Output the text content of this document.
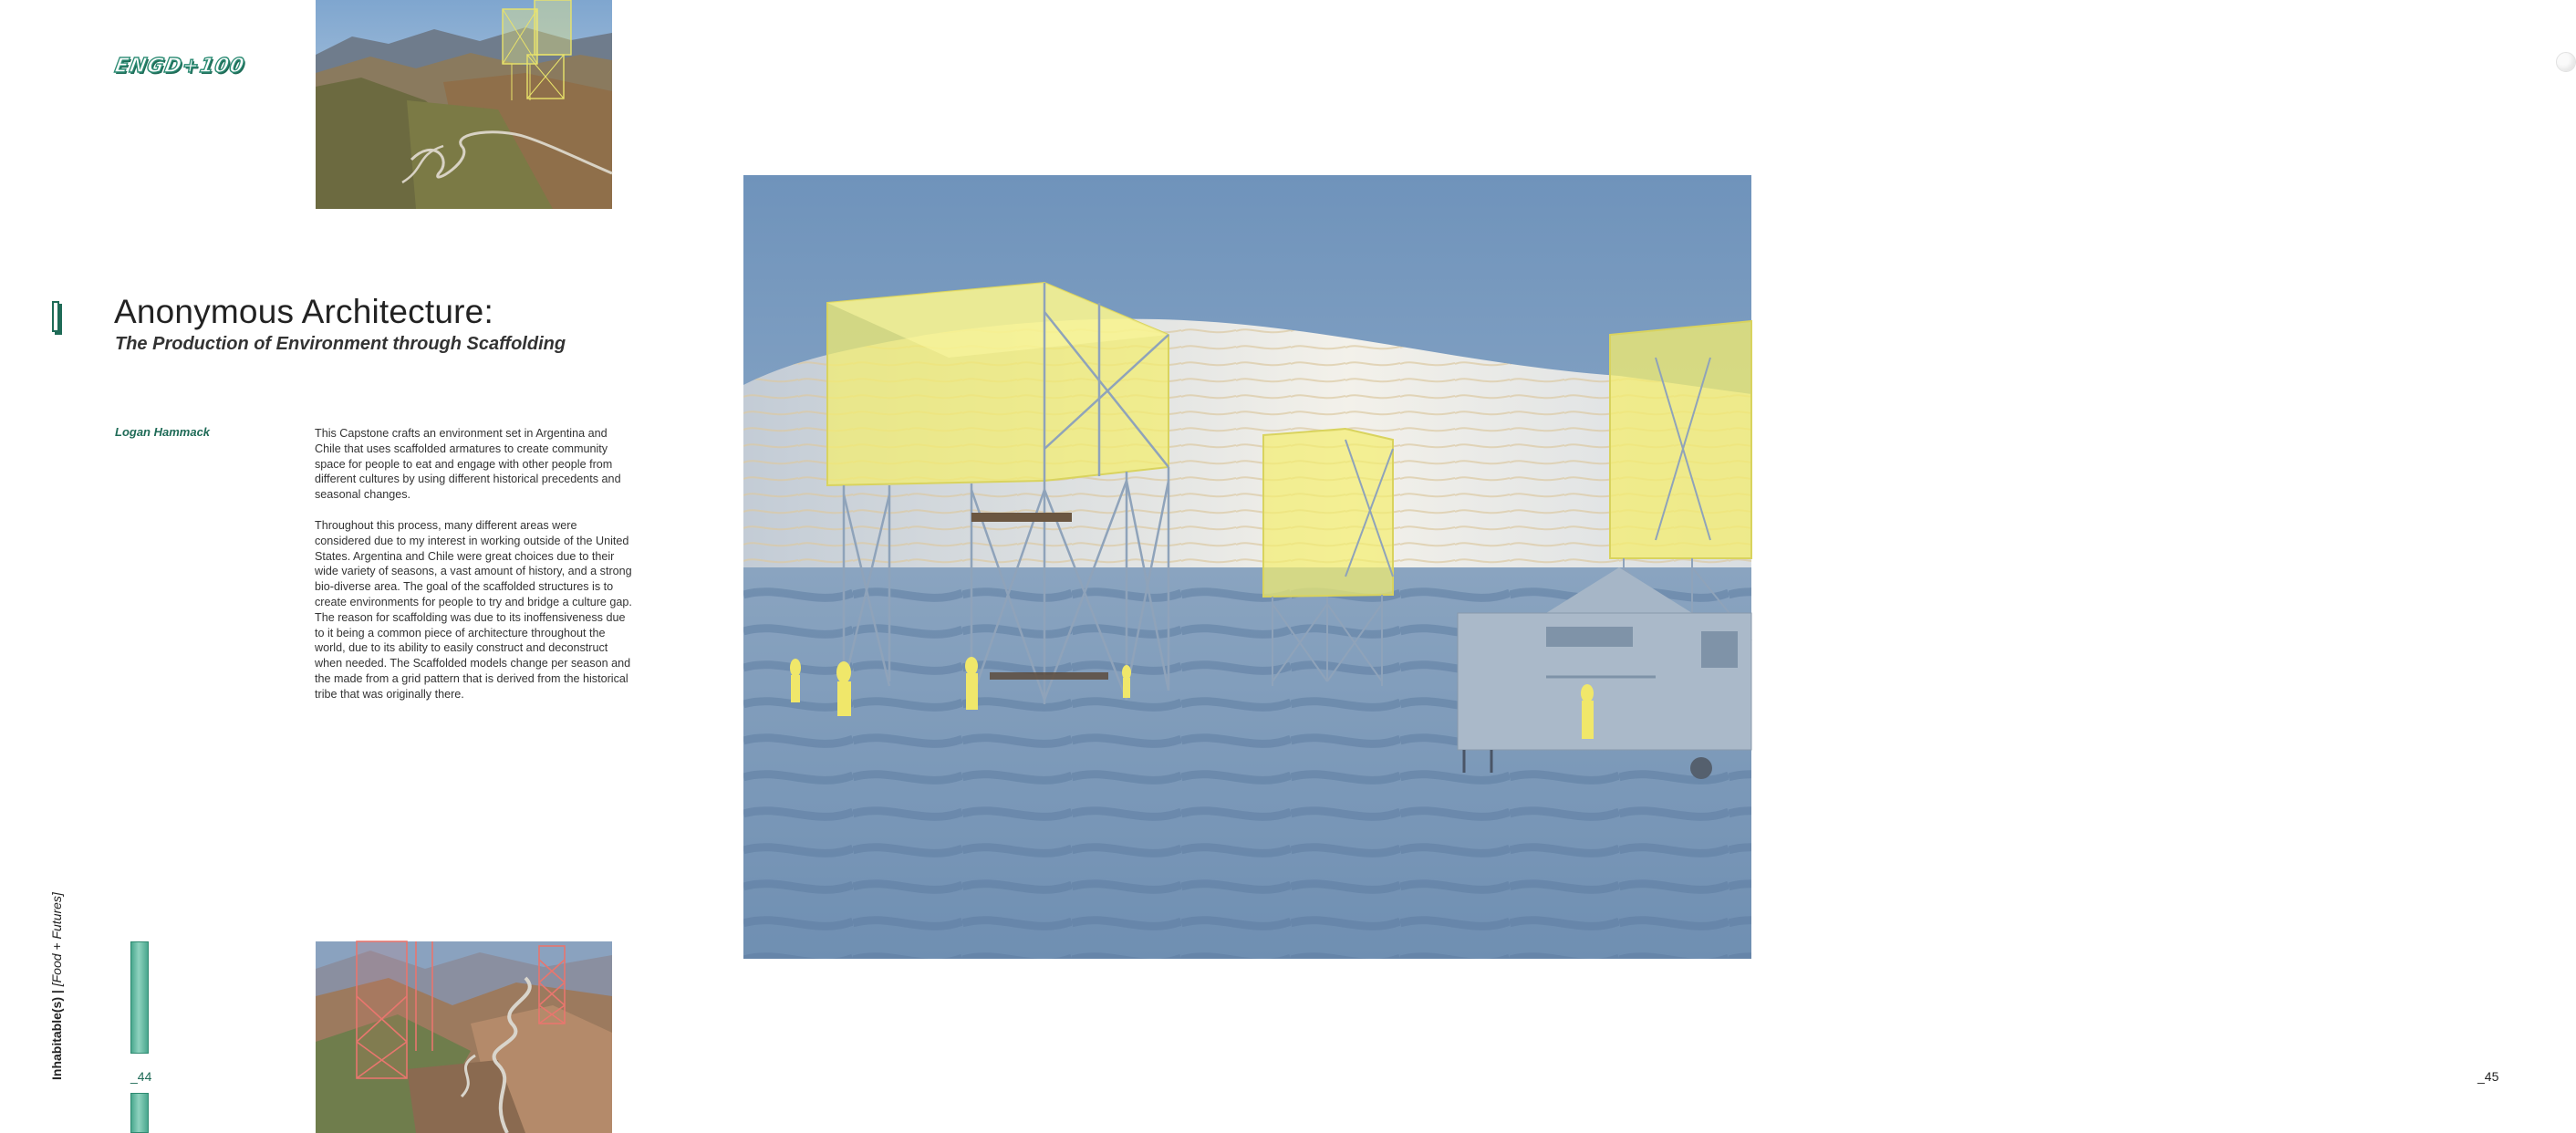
ENGD+100
Anonymous Architecture:
The Production of Environment through Scaffolding
Logan Hammack	This Capstone crafts an environment set in Argentina and Chile that uses scaffolded armatures to create community space for people to eat and engage with other people from different cultures by using different historical precedents and seasonal changes.

Throughout this process, many different areas were considered due to my interest in working outside of the United States. Argentina and Chile were great choices due to their wide variety of seasons, a vast amount of history, and a strong bio-diverse area. The goal of the scaffolded structures is to create environments for people to try and bridge a culture gap. The reason for scaffolding was due to its inoffensiveness due to it being a common piece of architecture throughout the world, due to its ability to easily construct and deconstruct when needed. The Scaffolded models change per season and the made from a grid pattern that is derived from the historical tribe that was originally there.

Inhabitable(s) | [Food + Futures]
_44	_45
